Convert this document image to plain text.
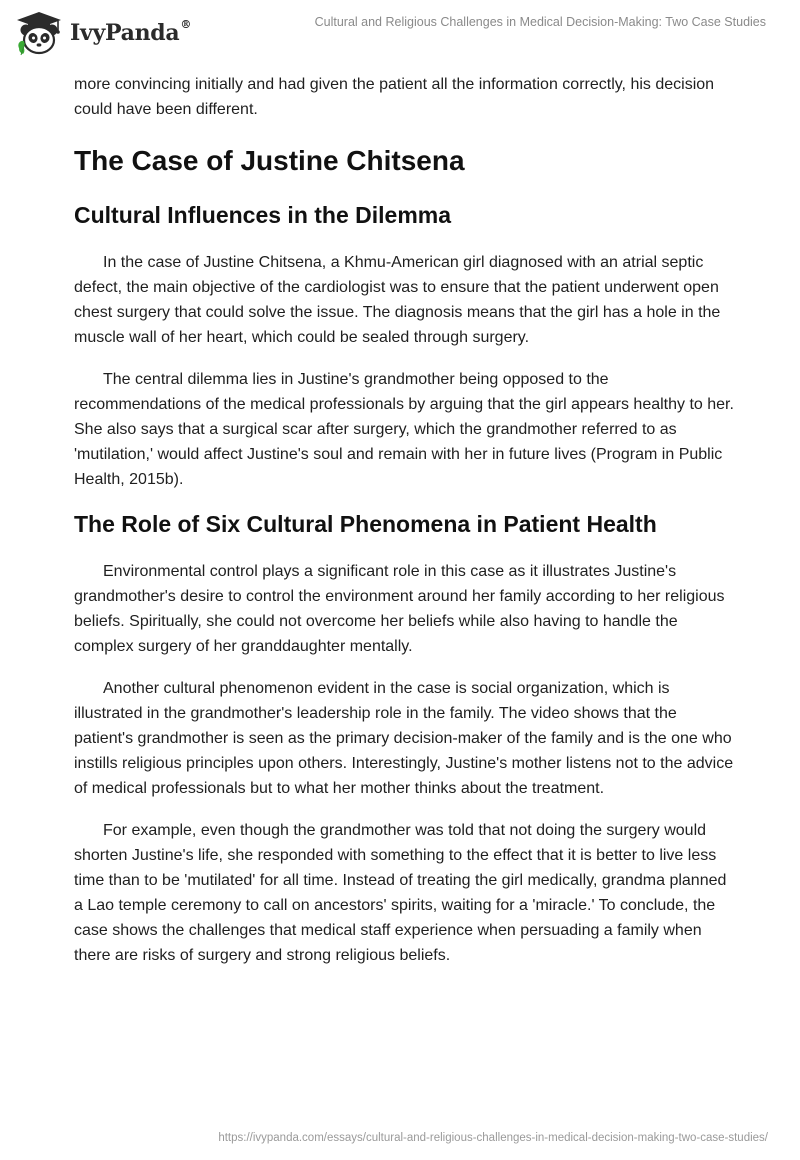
IvyPanda®	Cultural and Religious Challenges in Medical Decision-Making: Two Case Studies

more convincing initially and had given the patient all the information correctly, his decision could have been different.

The Case of Justine Chitsena
Cultural Influences in the Dilemma

In the case of Justine Chitsena, a Khmu-American girl diagnosed with an atrial septic defect, the main objective of the cardiologist was to ensure that the patient underwent open chest surgery that could solve the issue. The diagnosis means that the girl has a hole in the muscle wall of her heart, which could be sealed through surgery.

The central dilemma lies in Justine's grandmother being opposed to the recommendations of the medical professionals by arguing that the girl appears healthy to her. She also says that a surgical scar after surgery, which the grandmother referred to as 'mutilation,' would affect Justine's soul and remain with her in future lives (Program in Public Health, 2015b).

The Role of Six Cultural Phenomena in Patient Health

Environmental control plays a significant role in this case as it illustrates Justine's grandmother's desire to control the environment around her family according to her religious beliefs. Spiritually, she could not overcome her beliefs while also having to handle the complex surgery of her granddaughter mentally.

Another cultural phenomenon evident in the case is social organization, which is illustrated in the grandmother's leadership role in the family. The video shows that the patient's grandmother is seen as the primary decision-maker of the family and is the one who instills religious principles upon others. Interestingly, Justine's mother listens not to the advice of medical professionals but to what her mother thinks about the treatment.

For example, even though the grandmother was told that not doing the surgery would shorten Justine's life, she responded with something to the effect that it is better to live less time than to be 'mutilated' for all time. Instead of treating the girl medically, grandma planned a Lao temple ceremony to call on ancestors' spirits, waiting for a 'miracle.' To conclude, the case shows the challenges that medical staff experience when persuading a family when there are risks of surgery and strong religious beliefs.

https://ivypanda.com/essays/cultural-and-religious-challenges-in-medical-decision-making-two-case-studies/
